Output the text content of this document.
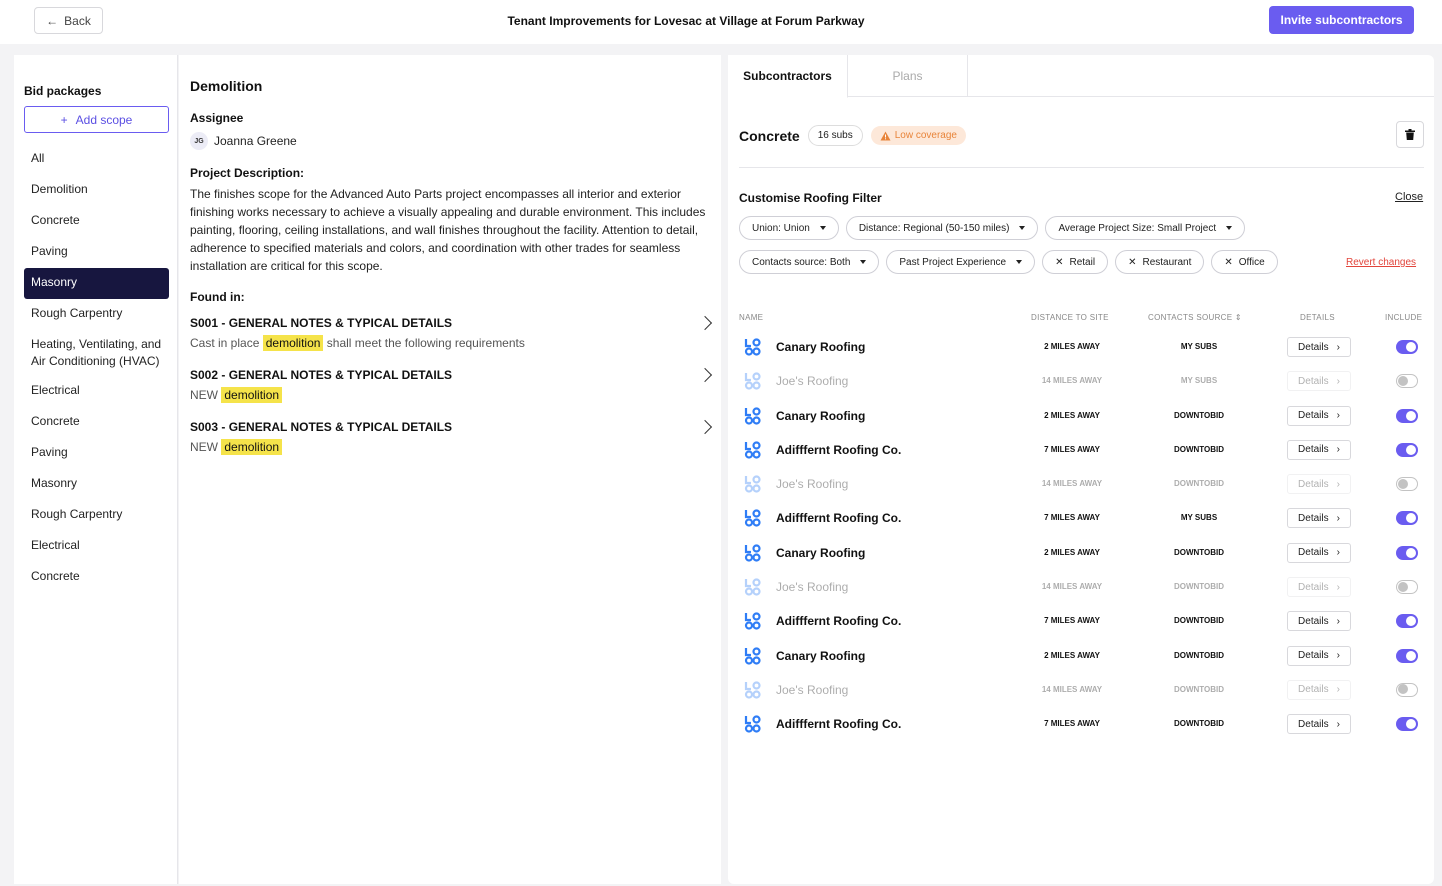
← Back	Tenant Improvements for Lovesac at Village at Forum Parkway	Invite subcontractors
Bid packages
+ Add scope
All
Demolition
Concrete
Paving
Masonry
Rough Carpentry
Heating, Ventilating, and Air Conditioning (HVAC)
Electrical
Concrete
Paving
Masonry
Rough Carpentry
Electrical
Concrete
Demolition
Assignee
JG Joanna Greene
Project Description:
The finishes scope for the Advanced Auto Parts project encompasses all interior and exterior finishing works necessary to achieve a visually appealing and durable environment. This includes painting, flooring, ceiling installations, and wall finishes throughout the facility. Attention to detail, adherence to specified materials and colors, and coordination with other trades for seamless installation are critical for this scope.
Found in:
S001 - GENERAL NOTES & TYPICAL DETAILS
Cast in place demolition shall meet the following requirements
S002 - GENERAL NOTES & TYPICAL DETAILS
NEW demolition
S003 - GENERAL NOTES & TYPICAL DETAILS
NEW demolition
Subcontractors	Plans
Concrete	16 subs	Low coverage
Customise Roofing Filter	Close
Union: Union	Distance: Regional (50-150 miles)	Average Project Size: Small Project
Contacts source: Both	Past Project Experience	✕ Retail	✕ Restaurant	✕ Office	Revert changes
NAME	DISTANCE TO SITE	CONTACTS SOURCE ⇕	DETAILS	INCLUDE
Canary Roofing	2 MILES AWAY	MY SUBS	Details ›
Joe's Roofing	14 MILES AWAY	MY SUBS	Details ›
Canary Roofing	2 MILES AWAY	DOWNTOBID	Details ›
Adifffernt Roofing Co.	7 MILES AWAY	DOWNTOBID	Details ›
Joe's Roofing	14 MILES AWAY	DOWNTOBID	Details ›
Adifffernt Roofing Co.	7 MILES AWAY	MY SUBS	Details ›
Canary Roofing	2 MILES AWAY	DOWNTOBID	Details ›
Joe's Roofing	14 MILES AWAY	DOWNTOBID	Details ›
Adifffernt Roofing Co.	7 MILES AWAY	DOWNTOBID	Details ›
Canary Roofing	2 MILES AWAY	DOWNTOBID	Details ›
Joe's Roofing	14 MILES AWAY	DOWNTOBID	Details ›
Adifffernt Roofing Co.	7 MILES AWAY	DOWNTOBID	Details ›
